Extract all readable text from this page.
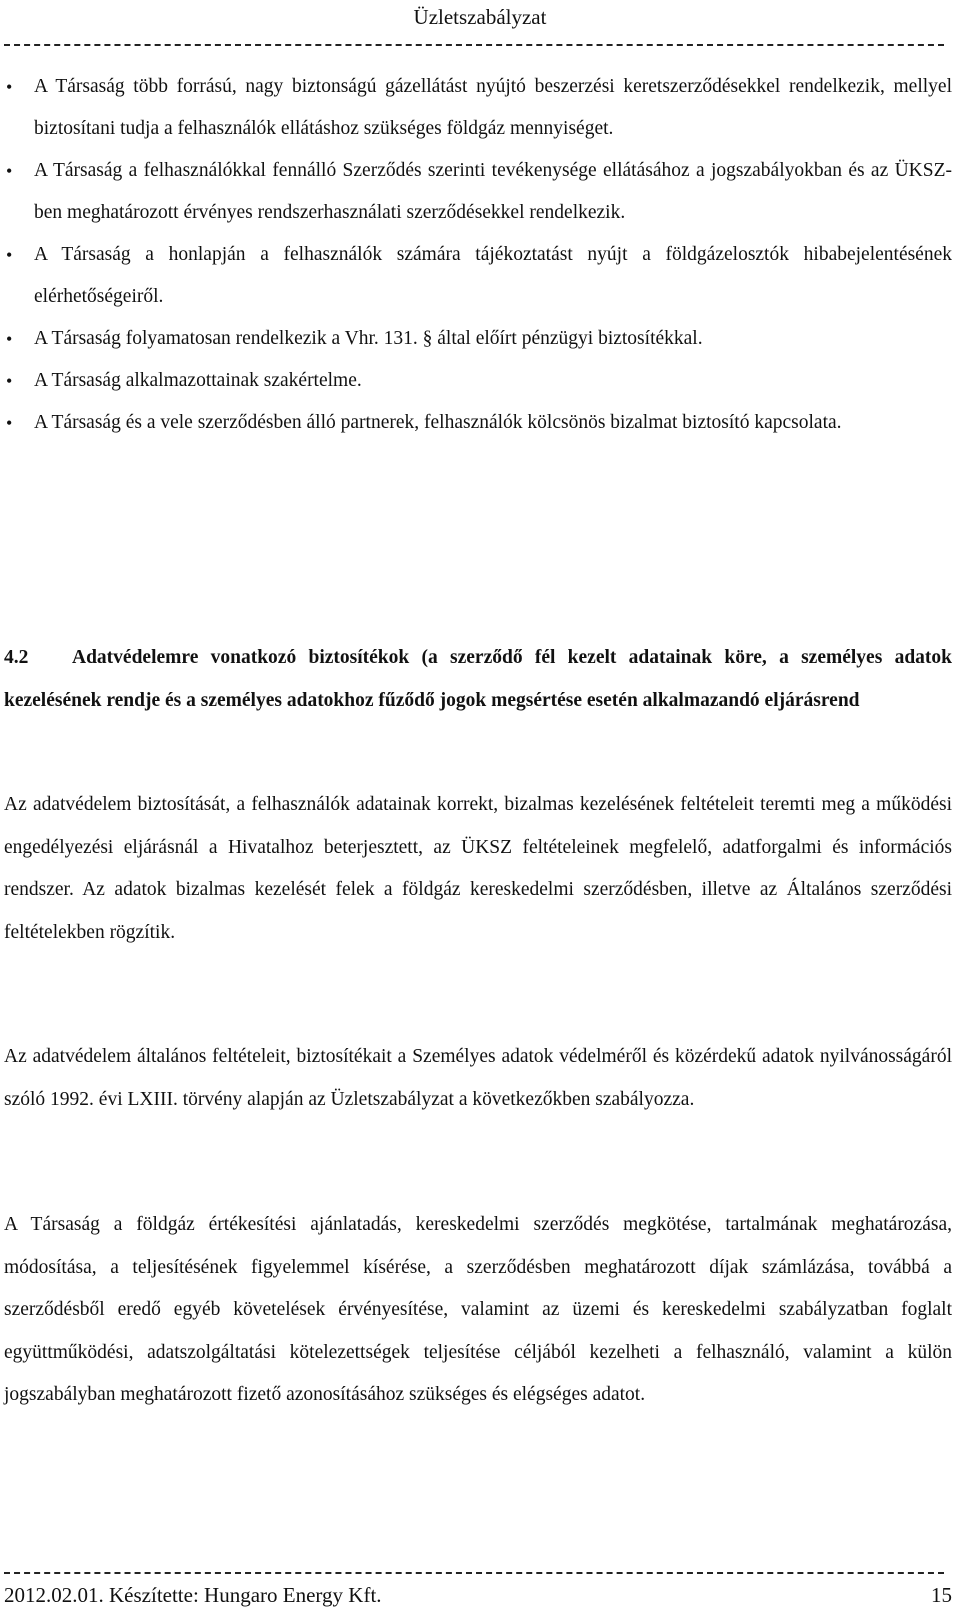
Üzletszabályzat
• A Társaság több forrású, nagy biztonságú gázellátást nyújtó beszerzési keretszerződésekkel rendelkezik, mellyel biztosítani tudja a felhasználók ellátáshoz szükséges földgáz mennyiséget.
• A Társaság a felhasználókkal fennálló Szerződés szerinti tevékenysége ellátásához a jogszabályokban és az ÜKSZ-ben meghatározott érvényes rendszerhasználati szerződésekkel rendelkezik.
• A Társaság a honlapján a felhasználók számára tájékoztatást nyújt a földgázelosztók hibabejelentésének elérhetőségeiről.
• A Társaság folyamatosan rendelkezik a Vhr. 131. § által előírt pénzügyi biztosítékkal.
• A Társaság alkalmazottainak szakértelme.
• A Társaság és a vele szerződésben álló partnerek, felhasználók kölcsönös bizalmat biztosító kapcsolata.
4.2 Adatvédelemre vonatkozó biztosítékok (a szerződő fél kezelt adatainak köre, a személyes adatok kezelésének rendje és a személyes adatokhoz fűződő jogok megsértése esetén alkalmazandó eljárásrend

Az adatvédelem biztosítását, a felhasználók adatainak korrekt, bizalmas kezelésének feltételeit teremti meg a működési engedélyezési eljárásnál a Hivatalhoz beterjesztett, az ÜKSZ feltételeinek megfelelő, adatforgalmi és információs rendszer. Az adatok bizalmas kezelését felek a földgáz kereskedelmi szerződésben, illetve az Általános szerződési feltételekben rögzítik.

Az adatvédelem általános feltételeit, biztosítékait a Személyes adatok védelméről és közérdekű adatok nyilvánosságáról szóló 1992. évi LXIII. törvény alapján az Üzletszabályzat a következőkben szabályozza.

A Társaság a földgáz értékesítési ajánlatadás, kereskedelmi szerződés megkötése, tartalmának meghatározása, módosítása, a teljesítésének figyelemmel kísérése, a szerződésben meghatározott díjak számlázása, továbbá a szerződésből eredő egyéb követelések érvényesítése, valamint az üzemi és kereskedelmi szabályzatban foglalt együttműködési, adatszolgáltatási kötelezettségek teljesítése céljából kezelheti a felhasználó, valamint a külön jogszabályban meghatározott fizető azonosításához szükséges és elégséges adatot.

2012.02.01. Készítette: Hungaro Energy Kft.	15
